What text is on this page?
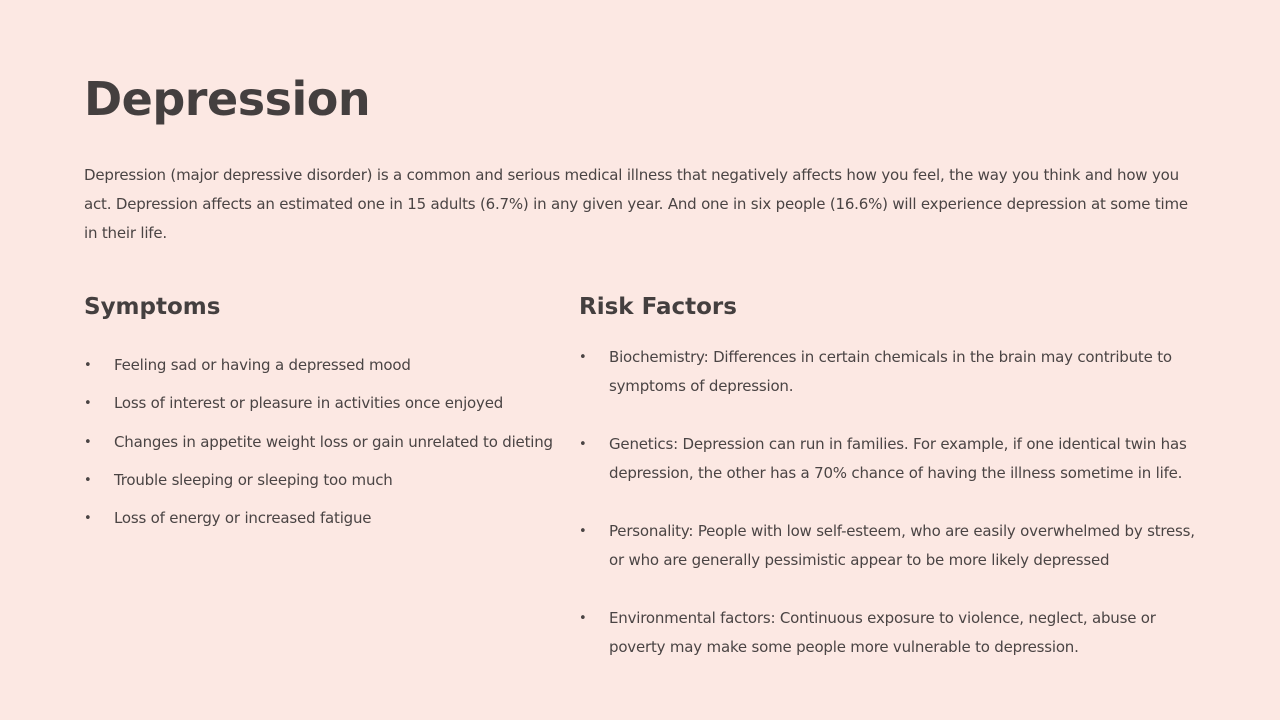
Depression

Depression (major depressive disorder) is a common and serious medical illness that negatively affects how you feel, the way you think and how you act. Depression affects an estimated one in 15 adults (6.7%) in any given year. And one in six people (16.6%) will experience depression at some time in their life.

Symptoms
• Feeling sad or having a depressed mood
• Loss of interest or pleasure in activities once enjoyed
• Changes in appetite weight loss or gain unrelated to dieting
• Trouble sleeping or sleeping too much
• Loss of energy or increased fatigue
Risk Factors
• Biochemistry: Differences in certain chemicals in the brain may contribute to symptoms of depression.
• Genetics: Depression can run in families. For example, if one identical twin has depression, the other has a 70% chance of having the illness sometime in life.
• Personality: People with low self-esteem, who are easily overwhelmed by stress, or who are generally pessimistic appear to be more likely depressed
• Environmental factors: Continuous exposure to violence, neglect, abuse or poverty may make some people more vulnerable to depression.
